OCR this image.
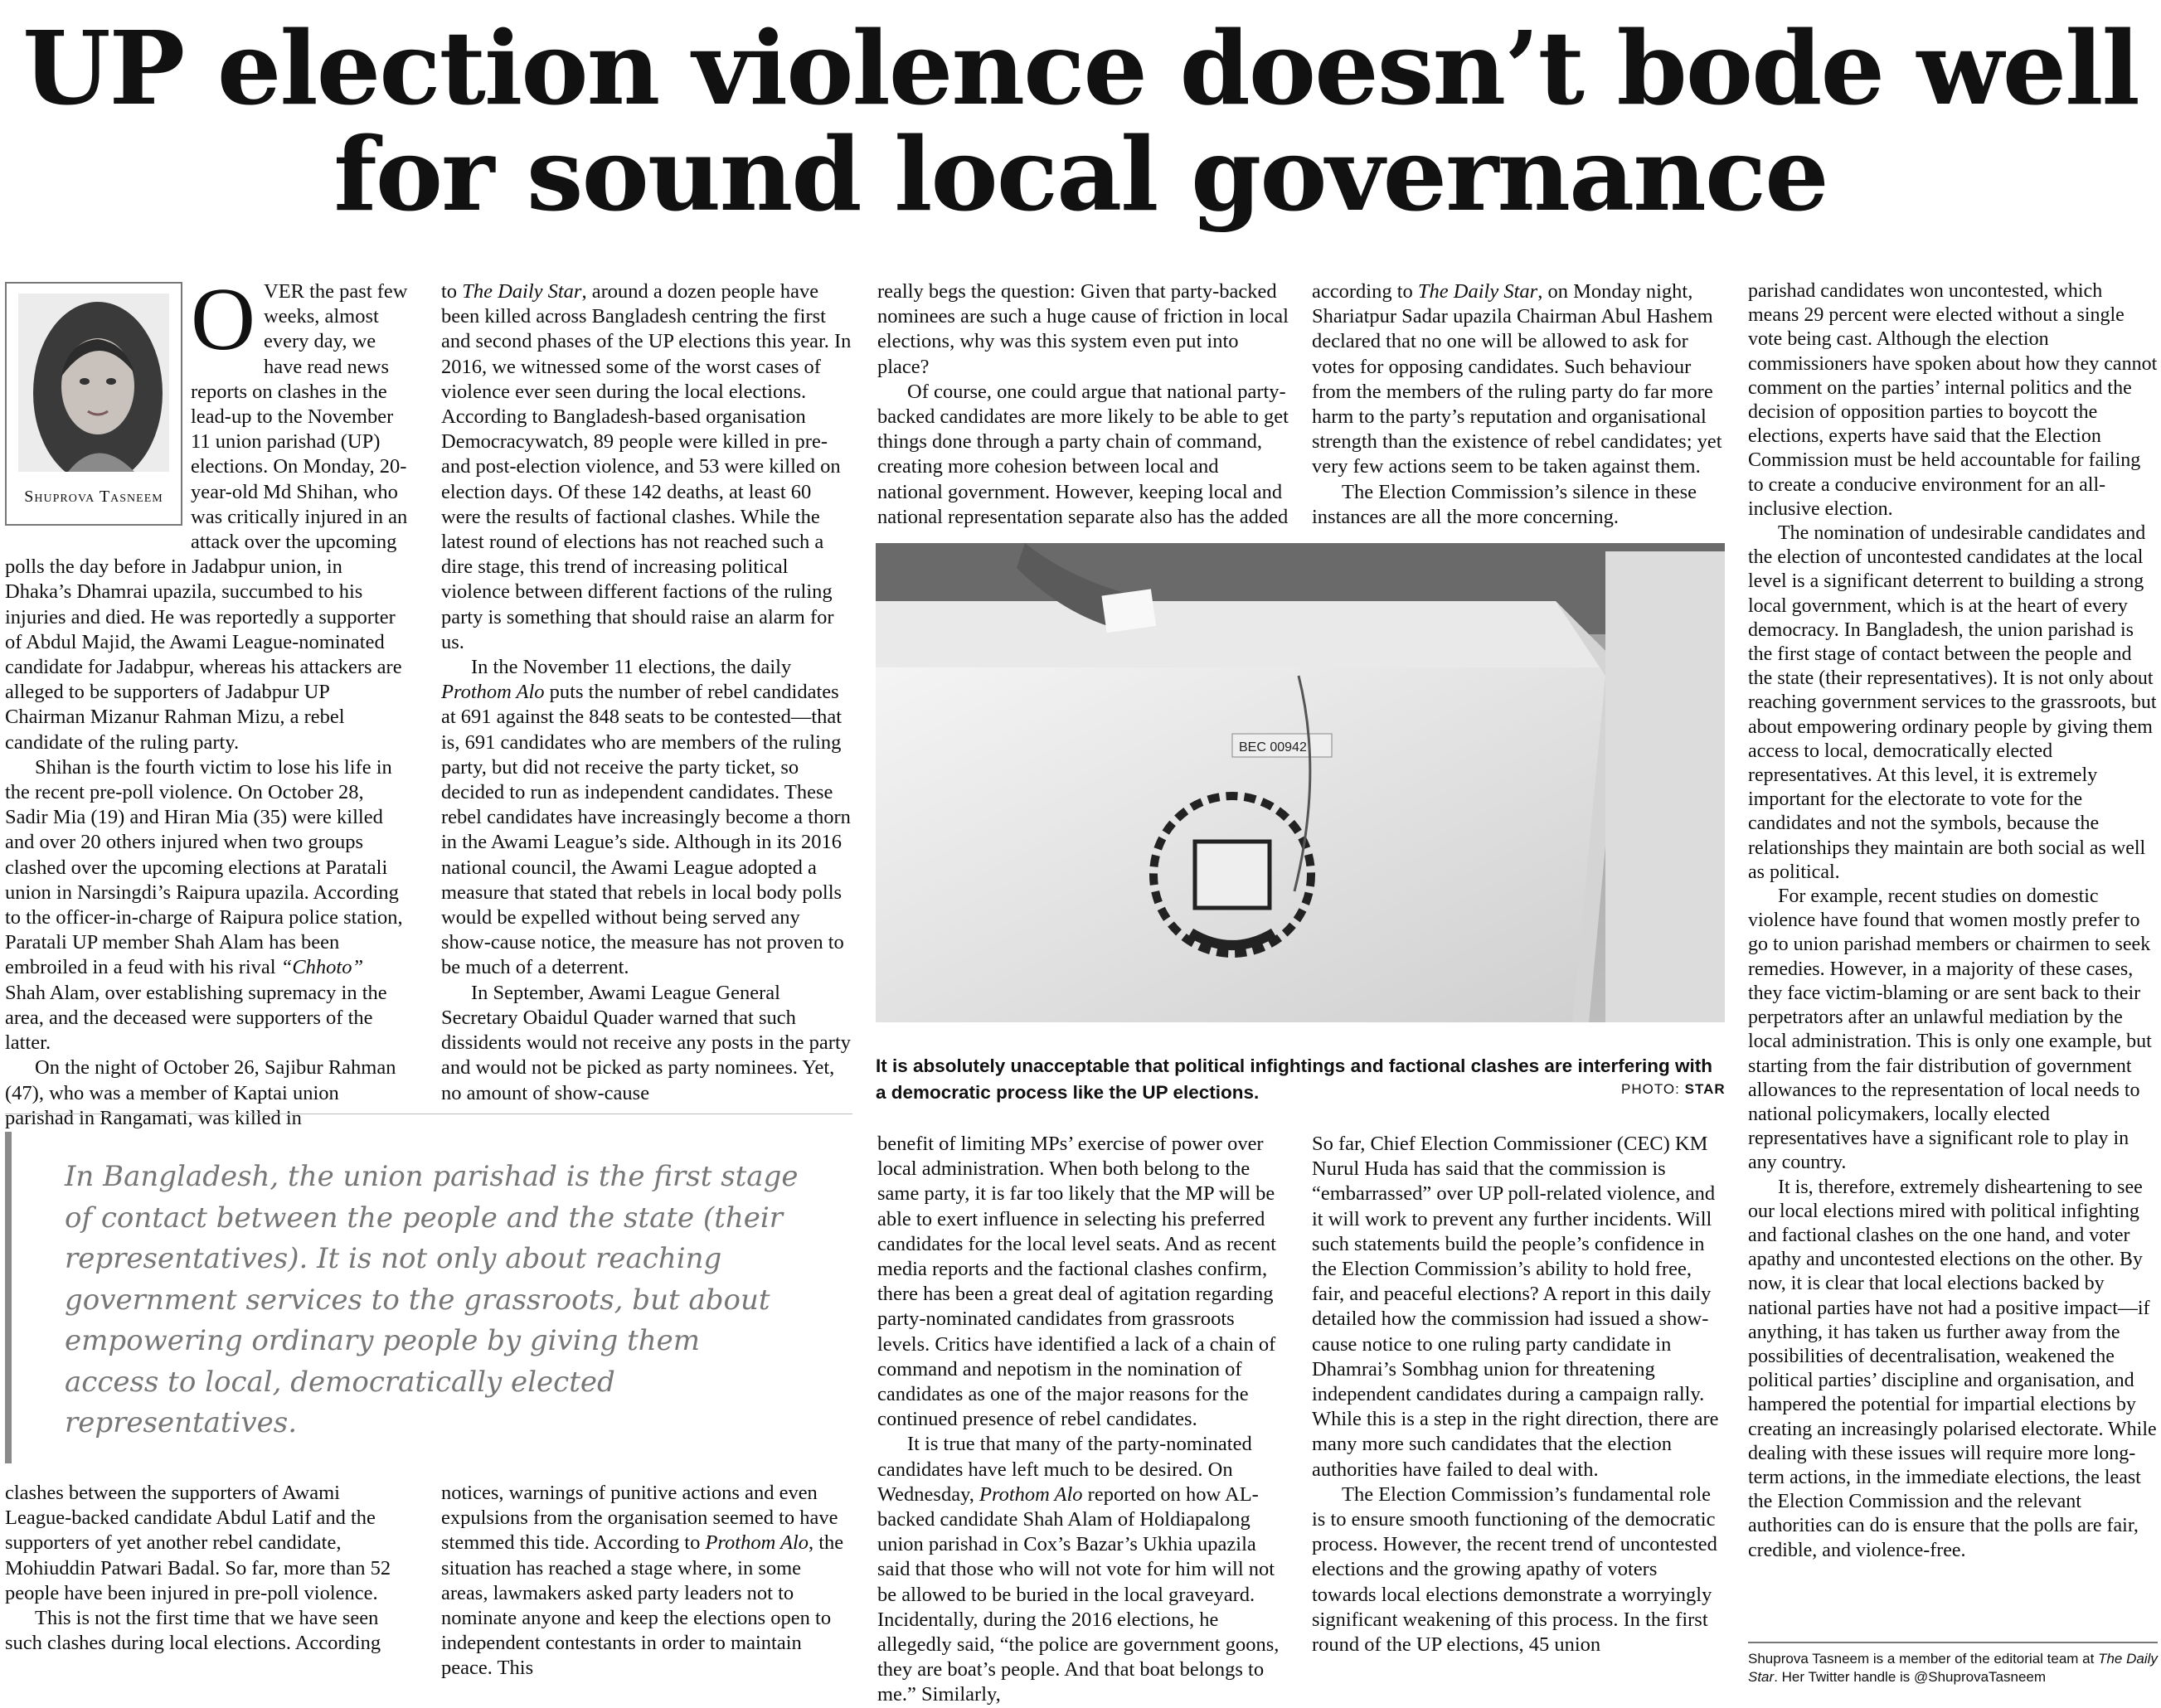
UP election violence doesn’t bode well
for sound local governance
Shuprova Tasneem

OVER the past few weeks, almost every day, we have read news reports on clashes in the lead-up to the November 11 union parishad (UP) elections. On Monday, 20-year-old Md Shihan, who was critically injured in an attack over the upcoming polls the day before in Jadabpur union, in Dhaka’s Dhamrai upazila, succumbed to his injuries and died. He was reportedly a supporter of Abdul Majid, the Awami League-nominated candidate for Jadabpur, whereas his attackers are alleged to be supporters of Jadabpur UP Chairman Mizanur Rahman Mizu, a rebel candidate of the ruling party.

Shihan is the fourth victim to lose his life in the recent pre-poll violence. On October 28, Sadir Mia (19) and Hiran Mia (35) were killed and over 20 others injured when two groups clashed over the upcoming elections at Paratali union in Narsingdi’s Raipura upazila. According to the officer-in-charge of Raipura police station, Paratali UP member Shah Alam has been embroiled in a feud with his rival “Chhoto” Shah Alam, over establishing supremacy in the area, and the deceased were supporters of the latter.

On the night of October 26, Sajibur Rahman (47), who was a member of Kaptai union parishad in Rangamati, was killed in

to The Daily Star, around a dozen people have been killed across Bangladesh centring the first and second phases of the UP elections this year. In 2016, we witnessed some of the worst cases of violence ever seen during the local elections. According to Bangladesh-based organisation Democracywatch, 89 people were killed in pre- and post-election violence, and 53 were killed on election days. Of these 142 deaths, at least 60 were the results of factional clashes. While the latest round of elections has not reached such a dire stage, this trend of increasing political violence between different factions of the ruling party is something that should raise an alarm for us.

In the November 11 elections, the daily Prothom Alo puts the number of rebel candidates at 691 against the 848 seats to be contested—that is, 691 candidates who are members of the ruling party, but did not receive the party ticket, so decided to run as independent candidates. These rebel candidates have increasingly become a thorn in the Awami League’s side. Although in its 2016 national council, the Awami League adopted a measure that stated that rebels in local body polls would be expelled without being served any show-cause notice, the measure has not proven to be much of a deterrent.

In September, Awami League General Secretary Obaidul Quader warned that such dissidents would not receive any posts in the party and would not be picked as party nominees. Yet, no amount of show-cause

really begs the question: Given that party-backed nominees are such a huge cause of friction in local elections, why was this system even put into place?

Of course, one could argue that national party-backed candidates are more likely to be able to get things done through a party chain of command, creating more cohesion between local and national government. However, keeping local and national representation separate also has the added

according to The Daily Star, on Monday night, Shariatpur Sadar upazila Chairman Abul Hashem declared that no one will be allowed to ask for votes for opposing candidates. Such behaviour from the members of the ruling party do far more harm to the party’s reputation and organisational strength than the existence of rebel candidates; yet very few actions seem to be taken against them.

The Election Commission’s silence in these instances are all the more concerning.

parishad candidates won uncontested, which means 29 percent were elected without a single vote being cast. Although the election commissioners have spoken about how they cannot comment on the parties’ internal politics and the decision of opposition parties to boycott the elections, experts have said that the Election Commission must be held accountable for failing to create a conducive environment for an all-inclusive election.

The nomination of undesirable candidates and the election of uncontested candidates at the local level is a significant deterrent to building a strong local government, which is at the heart of every democracy. In Bangladesh, the union parishad is the first stage of contact between the people and the state (their representatives). It is not only about reaching government services to the grassroots, but about empowering ordinary people by giving them access to local, democratically elected representatives. At this level, it is extremely important for the electorate to vote for the candidates and not the symbols, because the relationships they maintain are both social as well as political.

For example, recent studies on domestic violence have found that women mostly prefer to go to union parishad members or chairmen to seek remedies. However, in a majority of these cases, they face victim-blaming or are sent back to their perpetrators after an unlawful mediation by the local administration. This is only one example, but starting from the fair distribution of government allowances to the representation of local needs to national policymakers, locally elected representatives have a significant role to play in any country.

It is, therefore, extremely disheartening to see our local elections mired with political infighting and factional clashes on the one hand, and voter apathy and uncontested elections on the other. By now, it is clear that local elections backed by national parties have not had a positive impact—if anything, it has taken us further away from the possibilities of decentralisation, weakened the political parties’ discipline and organisation, and hampered the potential for impartial elections by creating an increasingly polarised electorate. While dealing with these issues will require more long-term actions, in the immediate elections, the least the Election Commission and the relevant authorities can do is ensure that the polls are fair, credible, and violence-free.

BEC 00942
It is absolutely unacceptable that political infightings and factional clashes are interfering with a democratic process like the UP elections.	PHOTO: STAR
In Bangladesh, the union parishad is the first stage of contact between the people and the state (their representatives). It is not only about reaching government services to the grassroots, but about empowering ordinary people by giving them access to local, democratically elected representatives.

clashes between the supporters of Awami League-backed candidate Abdul Latif and the supporters of yet another rebel candidate, Mohiuddin Patwari Badal. So far, more than 52 people have been injured in pre-poll violence.

This is not the first time that we have seen such clashes during local elections. According

notices, warnings of punitive actions and even expulsions from the organisation seemed to have stemmed this tide. According to Prothom Alo, the situation has reached a stage where, in some areas, lawmakers asked party leaders not to nominate anyone and keep the elections open to independent contestants in order to maintain peace. This

benefit of limiting MPs’ exercise of power over local administration. When both belong to the same party, it is far too likely that the MP will be able to exert influence in selecting his preferred candidates for the local level seats. And as recent media reports and the factional clashes confirm, there has been a great deal of agitation regarding party-nominated candidates from grassroots levels. Critics have identified a lack of a chain of command and nepotism in the nomination of candidates as one of the major reasons for the continued presence of rebel candidates.

It is true that many of the party-nominated candidates have left much to be desired. On Wednesday, Prothom Alo reported on how AL-backed candidate Shah Alam of Holdiapalong union parishad in Cox’s Bazar’s Ukhia upazila said that those who will not vote for him will not be allowed to be buried in the local graveyard. Incidentally, during the 2016 elections, he allegedly said, “the police are government goons, they are boat’s people. And that boat belongs to me.” Similarly,

So far, Chief Election Commissioner (CEC) KM Nurul Huda has said that the commission is “embarrassed” over UP poll-related violence, and it will work to prevent any further incidents. Will such statements build the people’s confidence in the Election Commission’s ability to hold free, fair, and peaceful elections? A report in this daily detailed how the commission had issued a show-cause notice to one ruling party candidate in Dhamrai’s Sombhag union for threatening independent candidates during a campaign rally. While this is a step in the right direction, there are many more such candidates that the election authorities have failed to deal with.

The Election Commission’s fundamental role is to ensure smooth functioning of the democratic process. However, the recent trend of uncontested elections and the growing apathy of voters towards local elections demonstrate a worryingly significant weakening of this process. In the first round of the UP elections, 45 union

Shuprova Tasneem is a member of the editorial team at The Daily Star. Her Twitter handle is @ShuprovaTasneem
